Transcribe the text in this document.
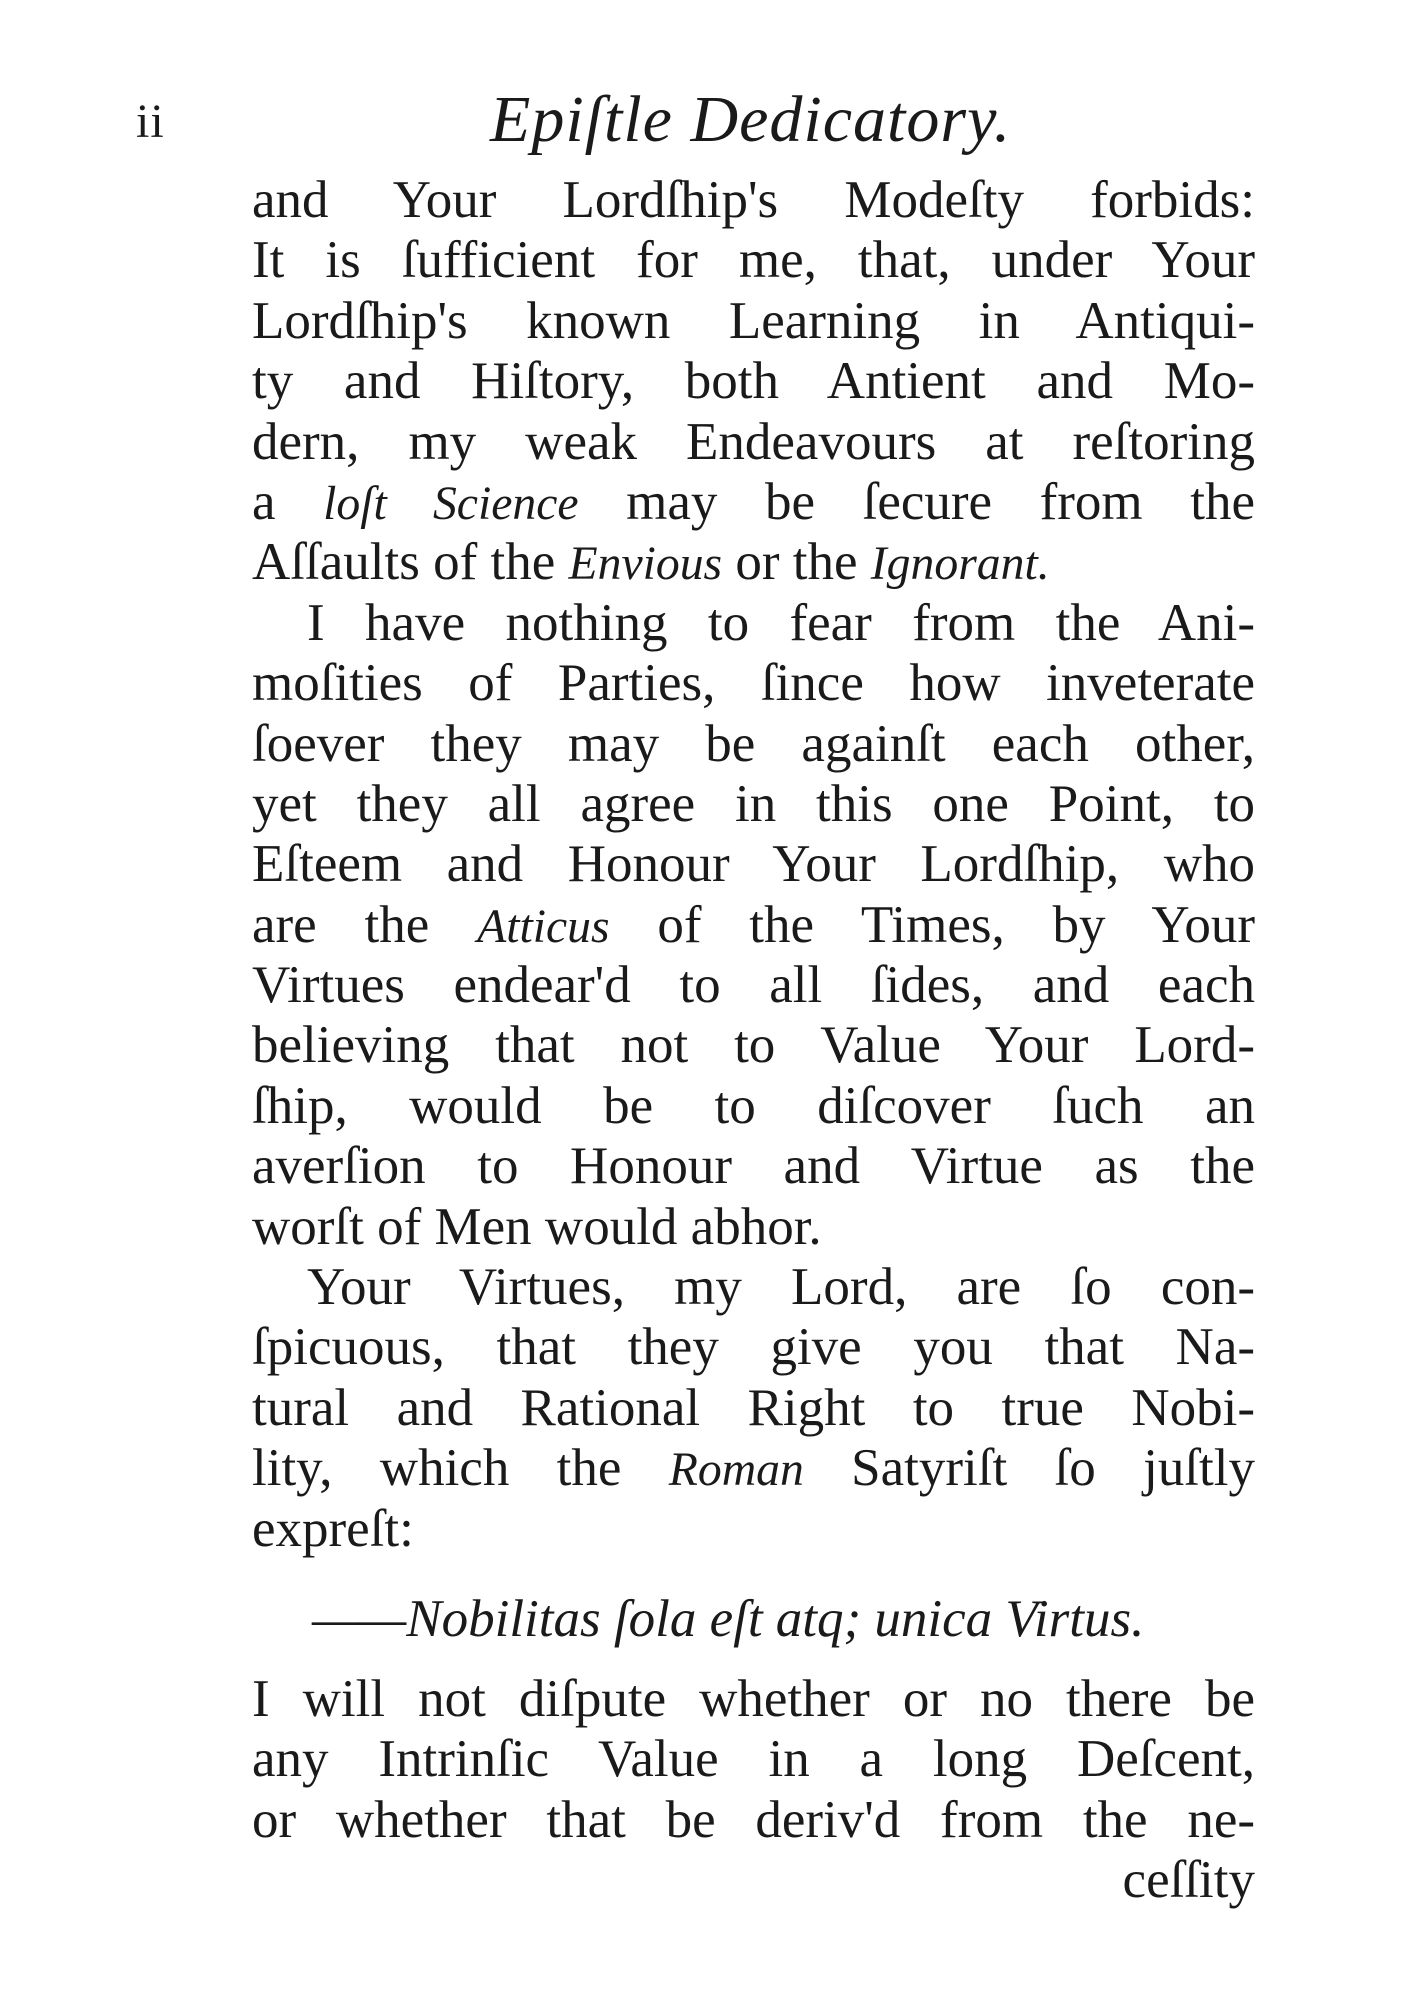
ii	Epiſtle Dedicatory.
and Your Lordſhip's Modeſty forbids:
It is ſufficient for me, that, under Your
Lordſhip's known Learning in Antiqui-
ty and Hiſtory, both Antient and Mo-
dern, my weak Endeavours at reſtoring
a loſt Science may be ſecure from the
Aſſaults of the Envious or the Ignorant.
I have nothing to fear from the Ani-
moſities of Parties, ſince how inveterate
ſoever they may be againſt each other,
yet they all agree in this one Point, to
Eſteem and Honour Your Lordſhip, who
are the Atticus of the Times, by Your
Virtues endear'd to all ſides, and each
believing that not to Value Your Lord-
ſhip, would be to diſcover ſuch an
averſion to Honour and Virtue as the
worſt of Men would abhor.
Your Virtues, my Lord, are ſo con-
ſpicuous, that they give you that Na-
tural and Rational Right to true Nobi-
lity, which the Roman Satyriſt ſo juſtly
expreſt:
——Nobilitas ſola eſt atq; unica Virtus.
I will not diſpute whether or no there be
any Intrinſic Value in a long Deſcent,
or whether that be deriv'd from the ne-
ceſſity
